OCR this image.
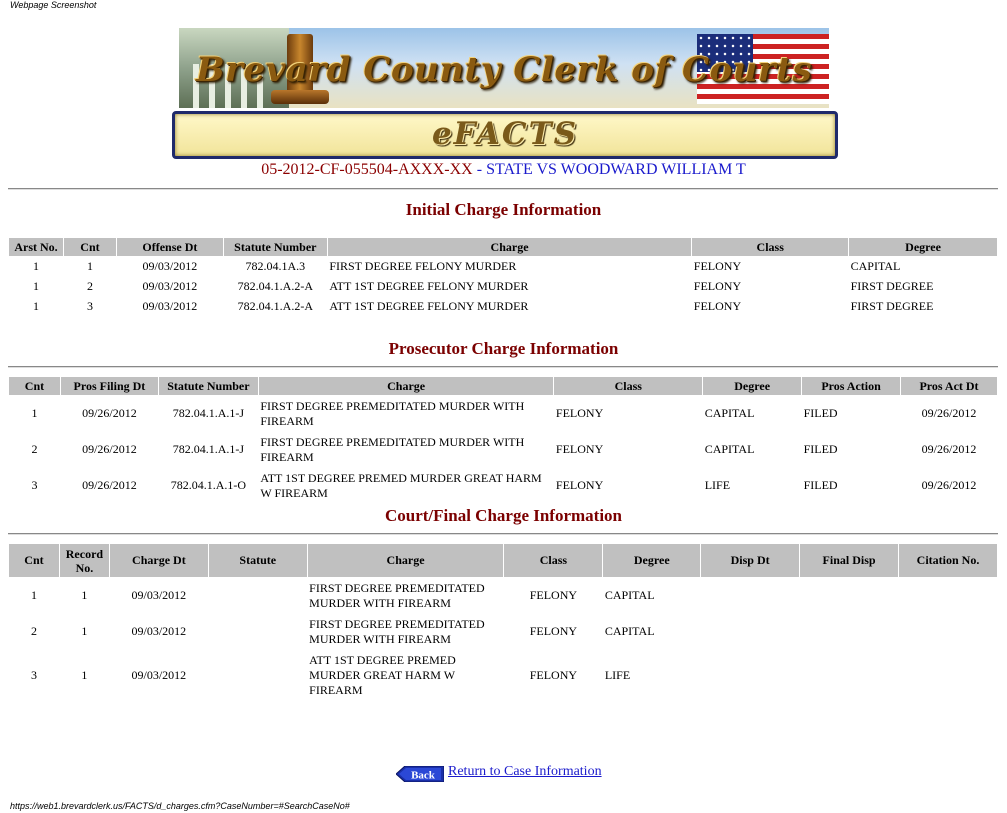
Webpage Screenshot
Brevard County Clerk of Courts
eFACTS
05-2012-CF-055504-AXXX-XX - STATE VS WOODWARD WILLIAM T
Initial Charge Information
Arst No.	Cnt	Offense Dt	Statute Number	Charge	Class	Degree
1	1	09/03/2012	782.04.1A.3	FIRST DEGREE FELONY MURDER	FELONY	CAPITAL
1	2	09/03/2012	782.04.1.A.2-A	ATT 1ST DEGREE FELONY MURDER	FELONY	FIRST DEGREE
1	3	09/03/2012	782.04.1.A.2-A	ATT 1ST DEGREE FELONY MURDER	FELONY	FIRST DEGREE
Prosecutor Charge Information
Cnt	Pros Filing Dt	Statute Number	Charge	Class	Degree	Pros Action	Pros Act Dt
1	09/26/2012	782.04.1.A.1-J	FIRST DEGREE PREMEDITATED MURDER WITH FIREARM	FELONY	CAPITAL	FILED	09/26/2012
2	09/26/2012	782.04.1.A.1-J	FIRST DEGREE PREMEDITATED MURDER WITH FIREARM	FELONY	CAPITAL	FILED	09/26/2012
3	09/26/2012	782.04.1.A.1-O	ATT 1ST DEGREE PREMED MURDER GREAT HARM W FIREARM	FELONY	LIFE	FILED	09/26/2012
Court/Final Charge Information
Cnt	Record No.	Charge Dt	Statute	Charge	Class	Degree	Disp Dt	Final Disp	Citation No.
1	1	09/03/2012		FIRST DEGREE PREMEDITATED MURDER WITH FIREARM	FELONY	CAPITAL			
2	1	09/03/2012		FIRST DEGREE PREMEDITATED MURDER WITH FIREARM	FELONY	CAPITAL			
3	1	09/03/2012		ATT 1ST DEGREE PREMED MURDER GREAT HARM W FIREARM	FELONY	LIFE			
Back Return to Case Information
https://web1.brevardclerk.us/FACTS/d_charges.cfm?CaseNumber=#SearchCaseNo#
